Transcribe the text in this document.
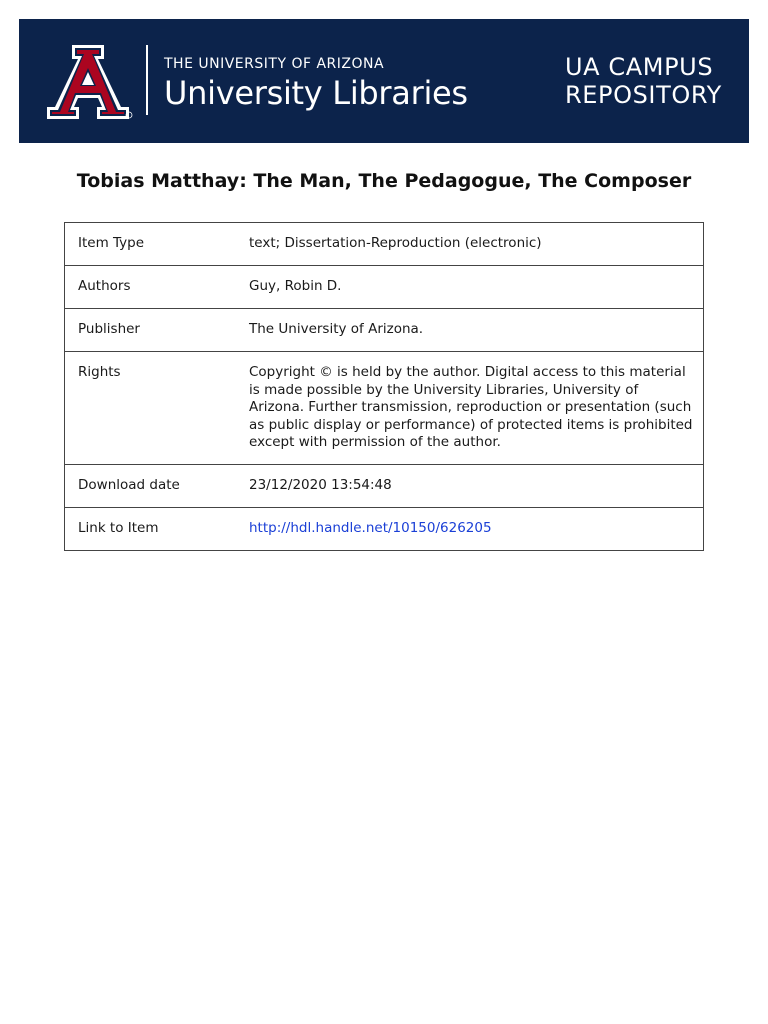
THE UNIVERSITY OF ARIZONA
University Libraries
UA CAMPUS
REPOSITORY
Tobias Matthay: The Man, The Pedagogue, The Composer
Item Type	text; Dissertation-Reproduction (electronic)

Authors	Guy, Robin D.

Publisher	The University of Arizona.

Rights	Copyright © is held by the author. Digital access to this material is made possible by the University Libraries, University of Arizona. Further transmission, reproduction or presentation (such as public display or performance) of protected items is prohibited except with permission of the author.

Download date	23/12/2020 13:54:48

Link to Item	http://hdl.handle.net/10150/626205
